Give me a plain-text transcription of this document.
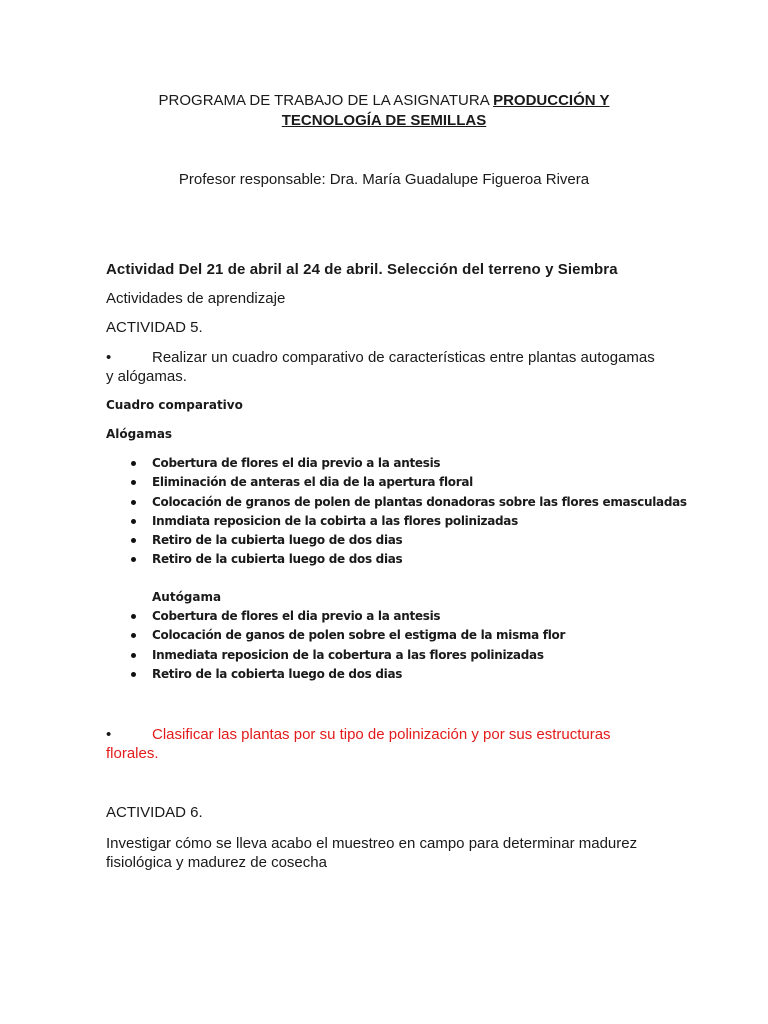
PROGRAMA DE TRABAJO DE LA ASIGNATURA PRODUCCIÓN Y
TECNOLOGÍA DE SEMILLAS
Profesor responsable: Dra. María Guadalupe Figueroa Rivera
Actividad Del 21 de abril al 24 de abril. Selección del terreno y Siembra
Actividades de aprendizaje
ACTIVIDAD 5.
•	Realizar un cuadro comparativo de características entre plantas autogamas
y alógamas.
Cuadro comparativo
Alógamas
Cobertura de flores el dia previo a la antesis
Eliminación de anteras el dia de la apertura floral
Colocación de granos de polen de plantas donadoras sobre las flores emasculadas
Inmdiata reposicion de la cobirta a las flores polinizadas
Retiro de la cubierta luego de dos dias
Retiro de la cubierta luego de dos dias
Autógama
Cobertura de flores el dia previo a la antesis
Colocación de ganos de polen sobre el estigma de la misma flor
Inmediata reposicion de la cobertura a las flores polinizadas
Retiro de la cobierta luego de dos dias
•	Clasificar las plantas por su tipo de polinización y por sus estructuras
florales.
ACTIVIDAD 6.
Investigar cómo se lleva acabo el muestreo en campo para determinar madurez
fisiológica y madurez de cosecha
